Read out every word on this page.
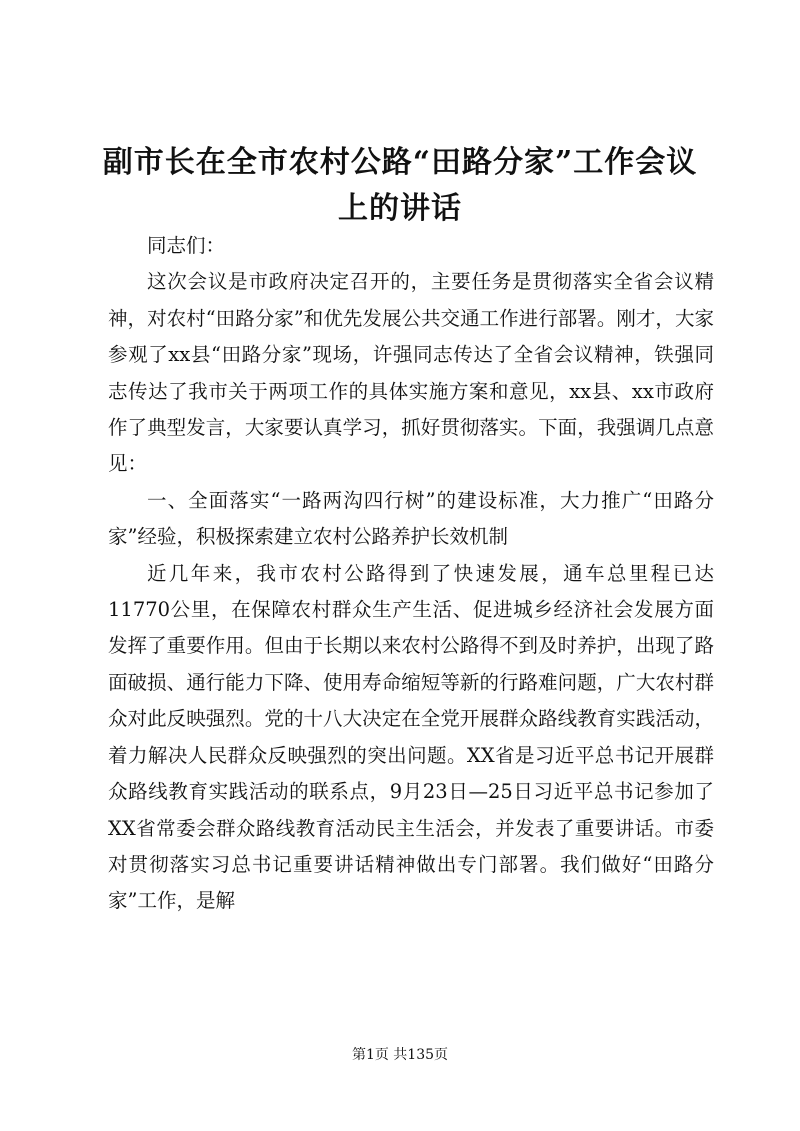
副市长在全市农村公路“田路分家”工作会议上的讲话

同志们：

这次会议是市政府决定召开的，主要任务是贯彻落实全省会议精神，对农村“田路分家”和优先发展公共交通工作进行部署。刚才，大家参观了xx县“田路分家”现场，许强同志传达了全省会议精神，铁强同志传达了我市关于两项工作的具体实施方案和意见，xx县、xx市政府作了典型发言，大家要认真学习，抓好贯彻落实。下面，我强调几点意见：

一、全面落实“一路两沟四行树”的建设标准，大力推广“田路分家”经验，积极探索建立农村公路养护长效机制

近几年来，我市农村公路得到了快速发展，通车总里程已达11770公里，在保障农村群众生产生活、促进城乡经济社会发展方面发挥了重要作用。但由于长期以来农村公路得不到及时养护，出现了路面破损、通行能力下降、使用寿命缩短等新的行路难问题，广大农村群众对此反映强烈。党的十八大决定在全党开展群众路线教育实践活动，着力解决人民群众反映强烈的突出问题。XX省是习近平总书记开展群众路线教育实践活动的联系点，9月23日—25日习近平总书记参加了XX省常委会群众路线教育活动民主生活会，并发表了重要讲话。市委对贯彻落实习总书记重要讲话精神做出专门部署。我们做好“田路分家”工作，是解

第1页 共135页
